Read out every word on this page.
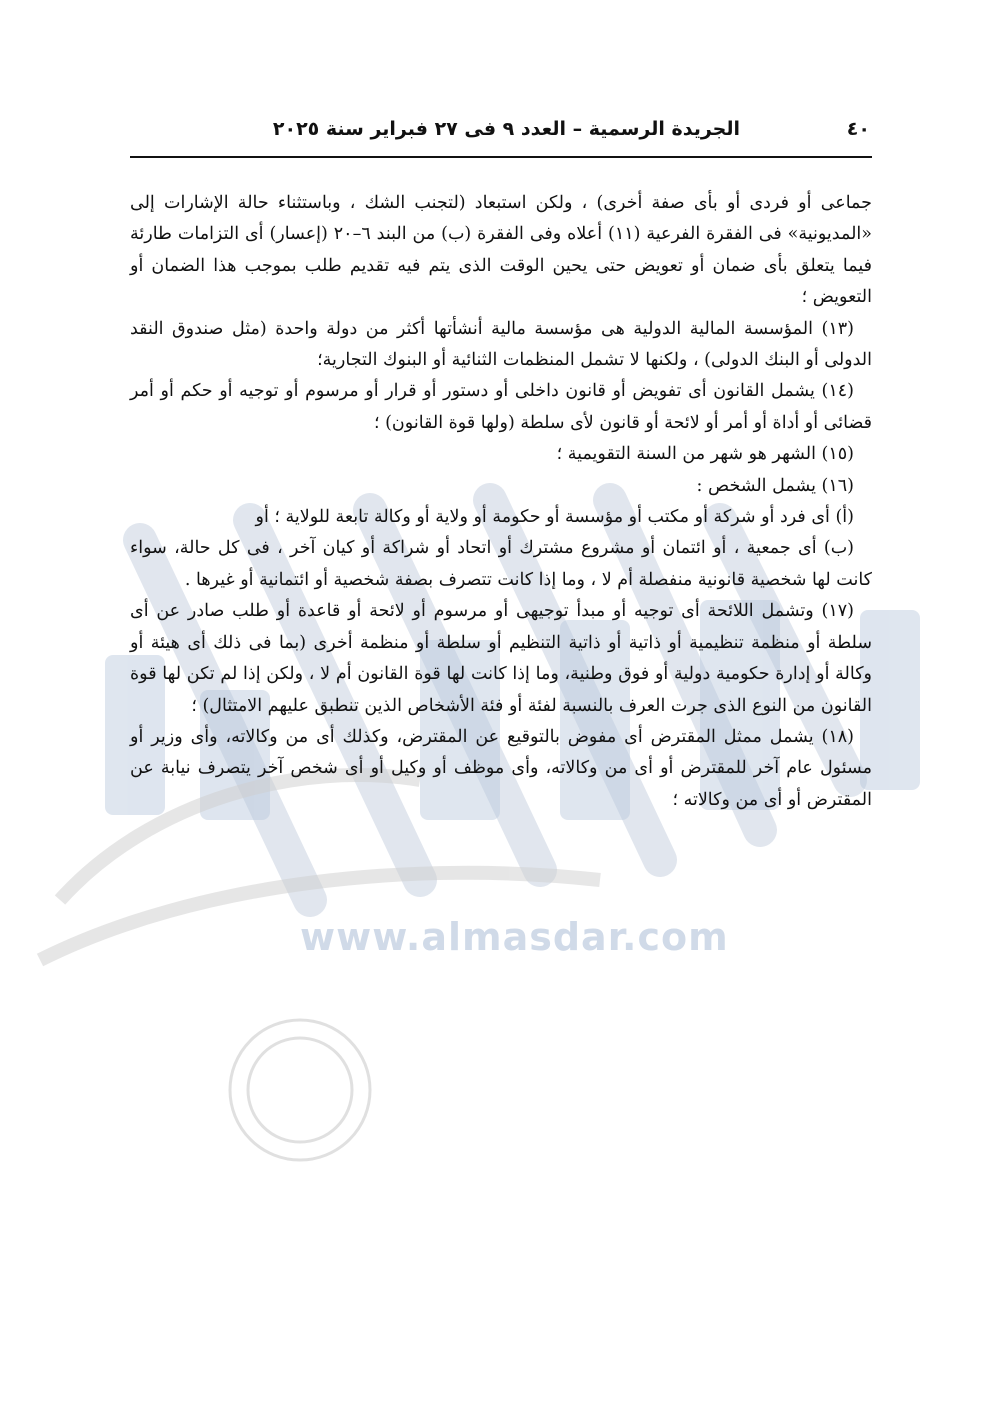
www.almasdar.com
٤٠
الجريدة الرسمية – العدد ٩ فى ٢٧ فبراير سنة ٢٠٢٥

جماعى أو فردى أو بأى صفة أخرى) ، ولكن استبعاد (لتجنب الشك ، وباستثناء حالة الإشارات إلى «المديونية» فى الفقرة الفرعية (١١) أعلاه وفى الفقرة (ب) من البند ٦–٢٠ (إعسار) أى التزامات طارئة فيما يتعلق بأى ضمان أو تعويض حتى يحين الوقت الذى يتم فيه تقديم طلب بموجب هذا الضمان أو التعويض ؛

(١٣) المؤسسة المالية الدولية هى مؤسسة مالية أنشأتها أكثر من دولة واحدة (مثل صندوق النقد الدولى أو البنك الدولى) ، ولكنها لا تشمل المنظمات الثنائية أو البنوك التجارية؛

(١٤) يشمل القانون أى تفويض أو قانون داخلى أو دستور أو قرار أو مرسوم أو توجيه أو حكم أو أمر قضائى أو أداة أو أمر أو لائحة أو قانون لأى سلطة (ولها قوة القانون) ؛

(١٥) الشهر هو شهر من السنة التقويمية ؛

(١٦) يشمل الشخص :

(أ) أى فرد أو شركة أو مكتب أو مؤسسة أو حكومة أو ولاية أو وكالة تابعة للولاية ؛ أو

(ب) أى جمعية ، أو ائتمان أو مشروع مشترك أو اتحاد أو شراكة أو كيان آخر ، فى كل حالة، سواء كانت لها شخصية قانونية منفصلة أم لا ، وما إذا كانت تتصرف بصفة شخصية أو ائتمانية أو غيرها .

(١٧) وتشمل اللائحة أى توجيه أو مبدأ توجيهى أو مرسوم أو لائحة أو قاعدة أو طلب صادر عن أى سلطة أو منظمة تنظيمية أو ذاتية أو ذاتية التنظيم أو سلطة أو منظمة أخرى (بما فى ذلك أى هيئة أو وكالة أو إدارة حكومية دولية أو فوق وطنية، وما إذا كانت لها قوة القانون أم لا ، ولكن إذا لم تكن لها قوة القانون من النوع الذى جرت العرف بالنسبة لفئة أو فئة الأشخاص الذين تنطبق عليهم الامتثال) ؛

(١٨) يشمل ممثل المقترض أى مفوض بالتوقيع عن المقترض، وكذلك أى من وكالاته، وأى وزير أو مسئول عام آخر للمقترض أو أى من وكالاته، وأى موظف أو وكيل أو أى شخص آخر يتصرف نيابة عن المقترض أو أى من وكالاته ؛
